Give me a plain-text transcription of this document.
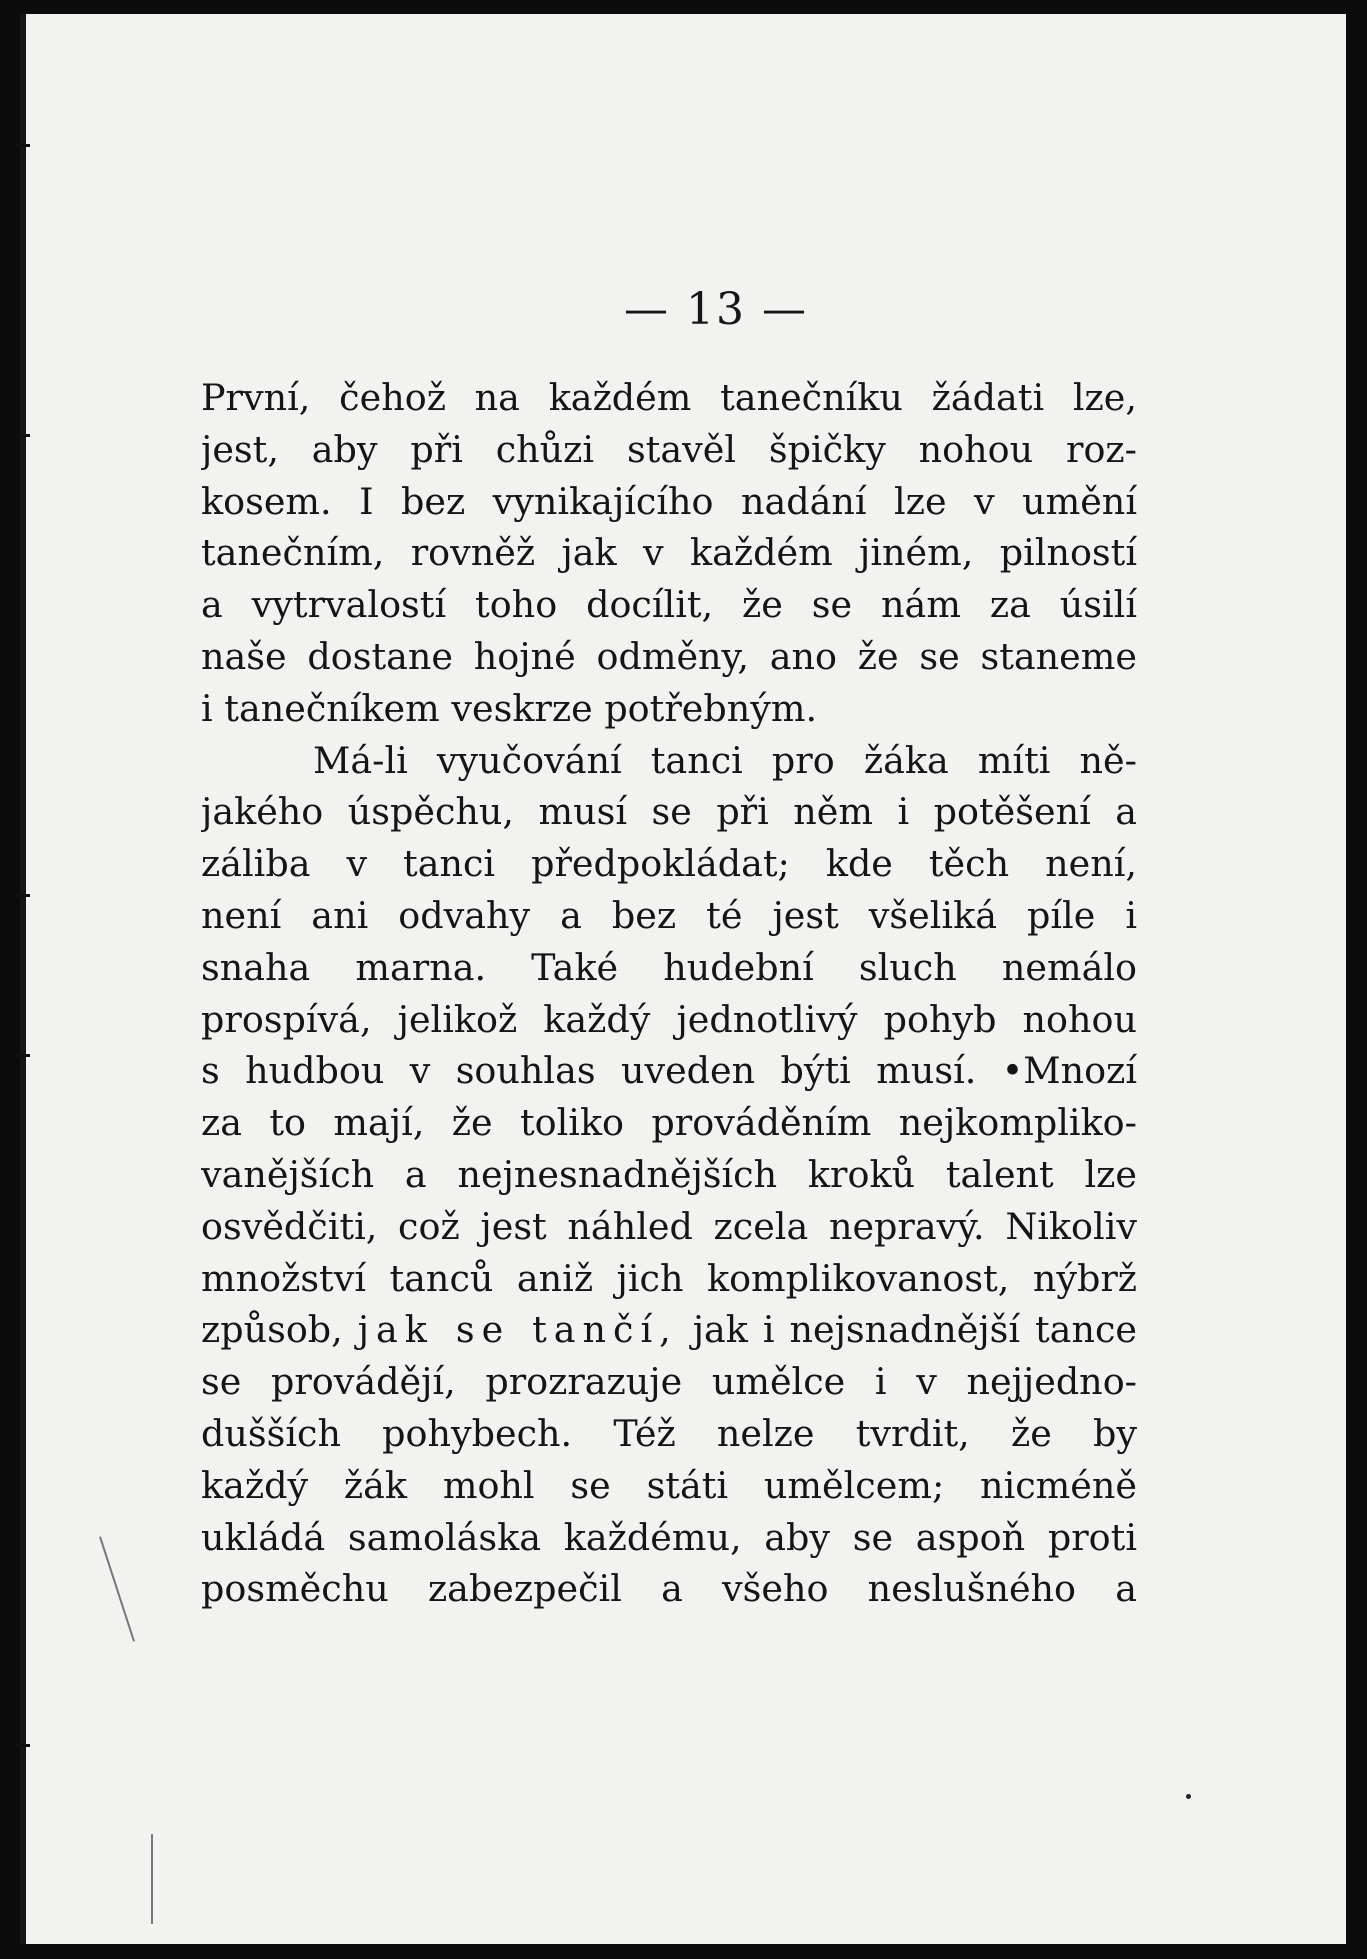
— 13 —
První, čehož na každém tanečníku žádati lze,
jest, aby při chůzi stavěl špičky nohou roz-
kosem. I bez vynikajícího nadání lze v umění
tanečním, rovněž jak v každém jiném, pilností
a vytrvalostí toho docílit, že se nám za úsilí
naše dostane hojné odměny, ano že se staneme
i tanečníkem veskrze potřebným.
Má-li vyučování tanci pro žáka míti ně-
jakého úspěchu, musí se při něm i potěšení a
záliba v tanci předpokládat; kde těch není,
není ani odvahy a bez té jest všeliká píle i
snaha marna. Také hudební sluch nemálo
prospívá, jelikož každý jednotlivý pohyb nohou
s hudbou v souhlas uveden býti musí. •Mnozí
za to mají, že toliko prováděním nejkompliko-
vanějších a nejnesnadnějších kroků talent lze
osvědčiti, což jest náhled zcela nepravý. Nikoliv
množství tanců aniž jich komplikovanost, nýbrž
způsob, jak se tančí, jak i nejsnadnější tance
se provádějí, prozrazuje umělce i v nejjedno-
dušších pohybech. Též nelze tvrdit, že by
každý žák mohl se státi umělcem; nicméně
ukládá samoláska každému, aby se aspoň proti
posměchu zabezpečil a všeho neslušného a
